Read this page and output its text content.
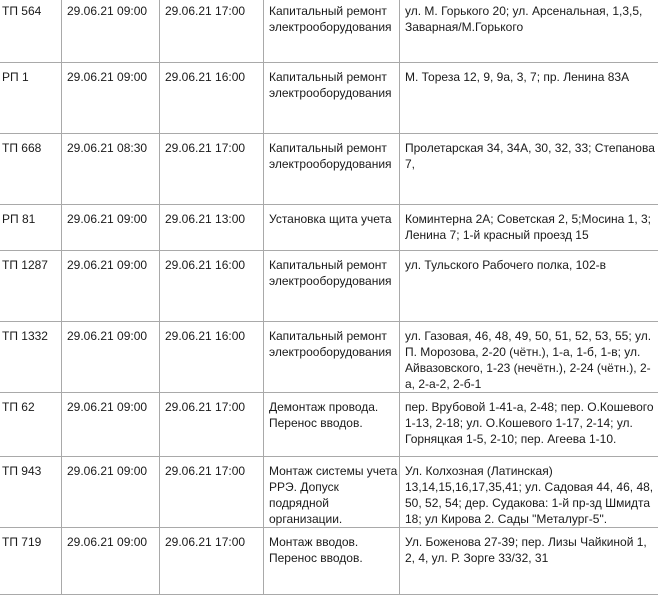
ТП 564	29.06.21 09:00	29.06.21 17:00	Капитальный ремонт
электрооборудования	ул. М. Горького 20; ул. Арсенальная, 1,3,5,
Заварная/М.Горького

РП 1	29.06.21 09:00	29.06.21 16:00	Капитальный ремонт
электрооборудования	М. Тореза 12, 9, 9а, 3, 7; пр. Ленина 83А

ТП 668	29.06.21 08:30	29.06.21 17:00	Капитальный ремонт
электрооборудования	Пролетарская 34, 34А, 30, 32, 33; Степанова
7,

РП 81	29.06.21 09:00	29.06.21 13:00	Установка щита учета	Коминтерна 2А; Советская 2, 5;Мосина 1, 3;
Ленина 7; 1-й красный проезд 15

ТП 1287	29.06.21 09:00	29.06.21 16:00	Капитальный ремонт
электрооборудования	ул. Тульского Рабочего полка, 102-в

ТП 1332	29.06.21 09:00	29.06.21 16:00	Капитальный ремонт
электрооборудования	ул. Газовая, 46, 48, 49, 50, 51, 52, 53, 55; ул.
П. Морозова, 2-20 (чётн.), 1-а, 1-б, 1-в; ул.
Айвазовского, 1-23 (нечётн.), 2-24 (чётн.), 2-
а, 2-а-2, 2-б-1

ТП 62	29.06.21 09:00	29.06.21 17:00	Демонтаж провода.
Перенос вводов.	пер. Врубовой 1-41-а, 2-48; пер. О.Кошевого
1-13, 2-18; ул. О.Кошевого 1-17, 2-14; ул.
Горняцкая 1-5, 2-10; пер. Агеева 1-10.

ТП 943	29.06.21 09:00	29.06.21 17:00	Монтаж системы учета
РРЭ. Допуск
подрядной
организации.	Ул. Колхозная (Латинская)
13,14,15,16,17,35,41; ул. Садовая 44, 46, 48,
50, 52, 54; дер. Судакова: 1-й пр-зд Шмидта
18; ул Кирова 2. Сады "Металург-5".

ТП 719	29.06.21 09:00	29.06.21 17:00	Монтаж вводов.
Перенос вводов.	Ул. Боженова 27-39; пер. Лизы Чайкиной 1,
2, 4, ул. Р. Зорге 33/32, 31
